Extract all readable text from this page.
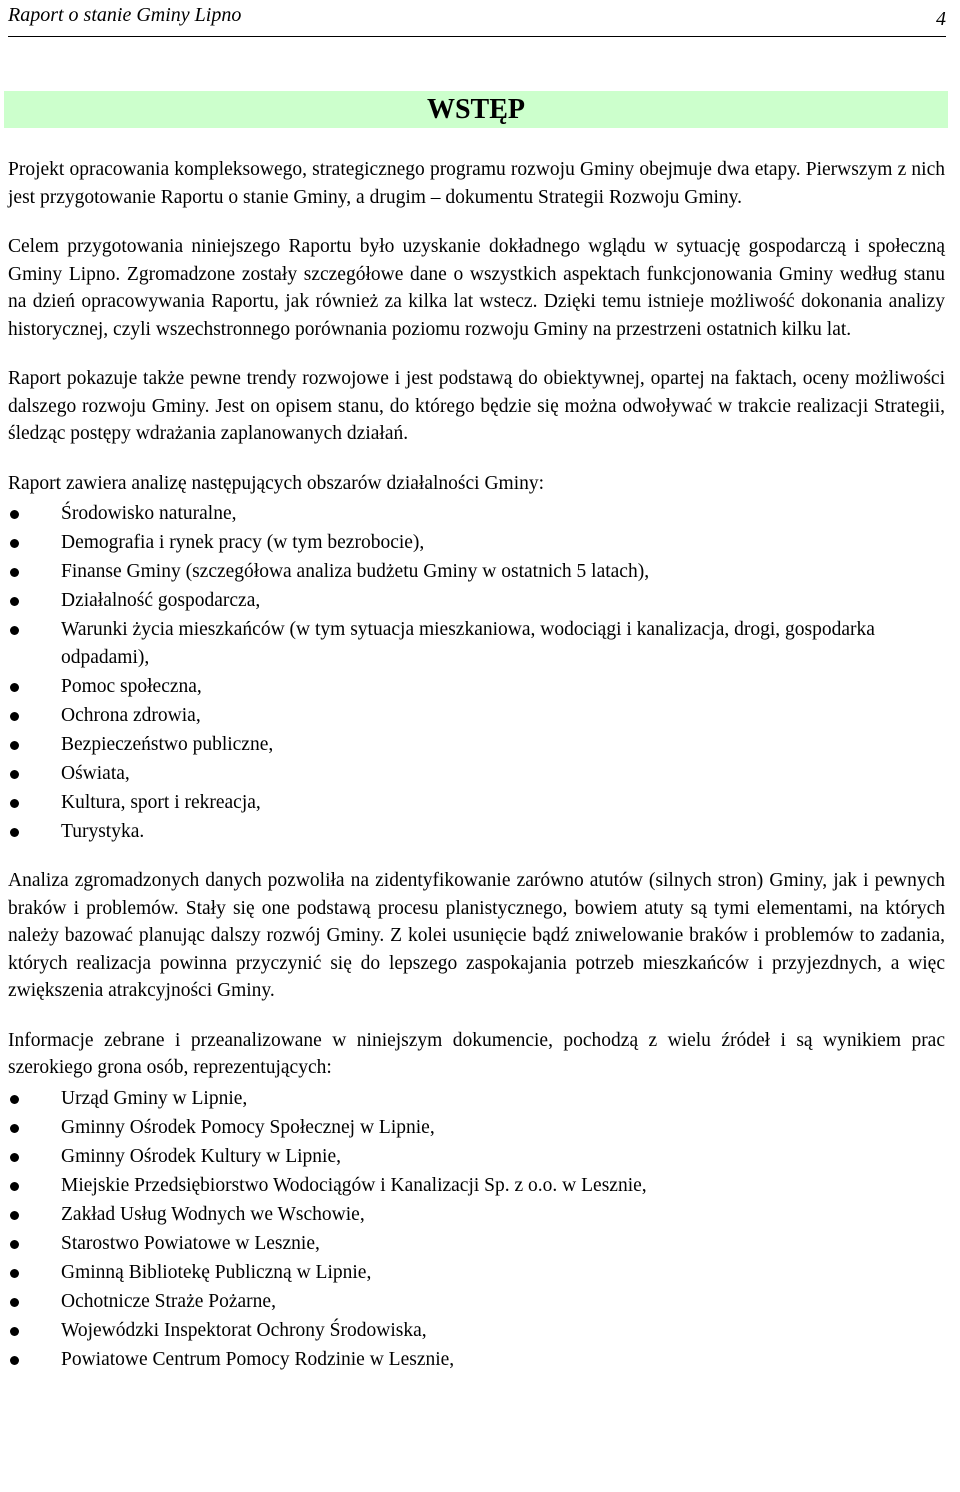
Raport o stanie Gminy Lipno	4
WSTĘP

Projekt opracowania kompleksowego, strategicznego programu rozwoju Gminy obejmuje dwa etapy. Pierwszym z nich jest przygotowanie Raportu o stanie Gminy, a drugim – dokumentu Strategii Rozwoju Gminy.

Celem przygotowania niniejszego Raportu było uzyskanie dokładnego wglądu w sytuację gospodarczą i społeczną Gminy Lipno. Zgromadzone zostały szczegółowe dane o wszystkich aspektach funkcjonowania Gminy według stanu na dzień opracowywania Raportu, jak również za kilka lat wstecz. Dzięki temu istnieje możliwość dokonania analizy historycznej, czyli wszechstronnego porównania poziomu rozwoju Gminy na przestrzeni ostatnich kilku lat.

Raport pokazuje także pewne trendy rozwojowe i jest podstawą do obiektywnej, opartej na faktach, oceny możliwości dalszego rozwoju Gminy. Jest on opisem stanu, do którego będzie się można odwoływać w trakcie realizacji Strategii, śledząc postępy wdrażania zaplanowanych działań.

Raport zawiera analizę następujących obszarów działalności Gminy:

Środowisko naturalne,
Demografia i rynek pracy (w tym bezrobocie),
Finanse Gminy (szczegółowa analiza budżetu Gminy w ostatnich 5 latach),
Działalność gospodarcza,
Warunki życia mieszkańców (w tym sytuacja mieszkaniowa, wodociągi i kanalizacja, drogi, gospodarka odpadami),
Pomoc społeczna,
Ochrona zdrowia,
Bezpieczeństwo publiczne,
Oświata,
Kultura, sport i rekreacja,
Turystyka.

Analiza zgromadzonych danych pozwoliła na zidentyfikowanie zarówno atutów (silnych stron) Gminy, jak i pewnych braków i problemów. Stały się one podstawą procesu planistycznego, bowiem atuty są tymi elementami, na których należy bazować planując dalszy rozwój Gminy. Z kolei usunięcie bądź zniwelowanie braków i problemów to zadania, których realizacja powinna przyczynić się do lepszego zaspokajania potrzeb mieszkańców i przyjezdnych, a więc zwiększenia atrakcyjności Gminy.

Informacje zebrane i przeanalizowane w niniejszym dokumencie, pochodzą z wielu źródeł i są wynikiem prac szerokiego grona osób, reprezentujących:

Urząd Gminy w Lipnie,
Gminny Ośrodek Pomocy Społecznej w Lipnie,
Gminny Ośrodek Kultury w Lipnie,
Miejskie Przedsiębiorstwo Wodociągów i Kanalizacji Sp. z o.o. w Lesznie,
Zakład Usług Wodnych we Wschowie,
Starostwo Powiatowe w Lesznie,
Gminną Bibliotekę Publiczną w Lipnie,
Ochotnicze Straże Pożarne,
Wojewódzki Inspektorat Ochrony Środowiska,
Powiatowe Centrum Pomocy Rodzinie w Lesznie,
